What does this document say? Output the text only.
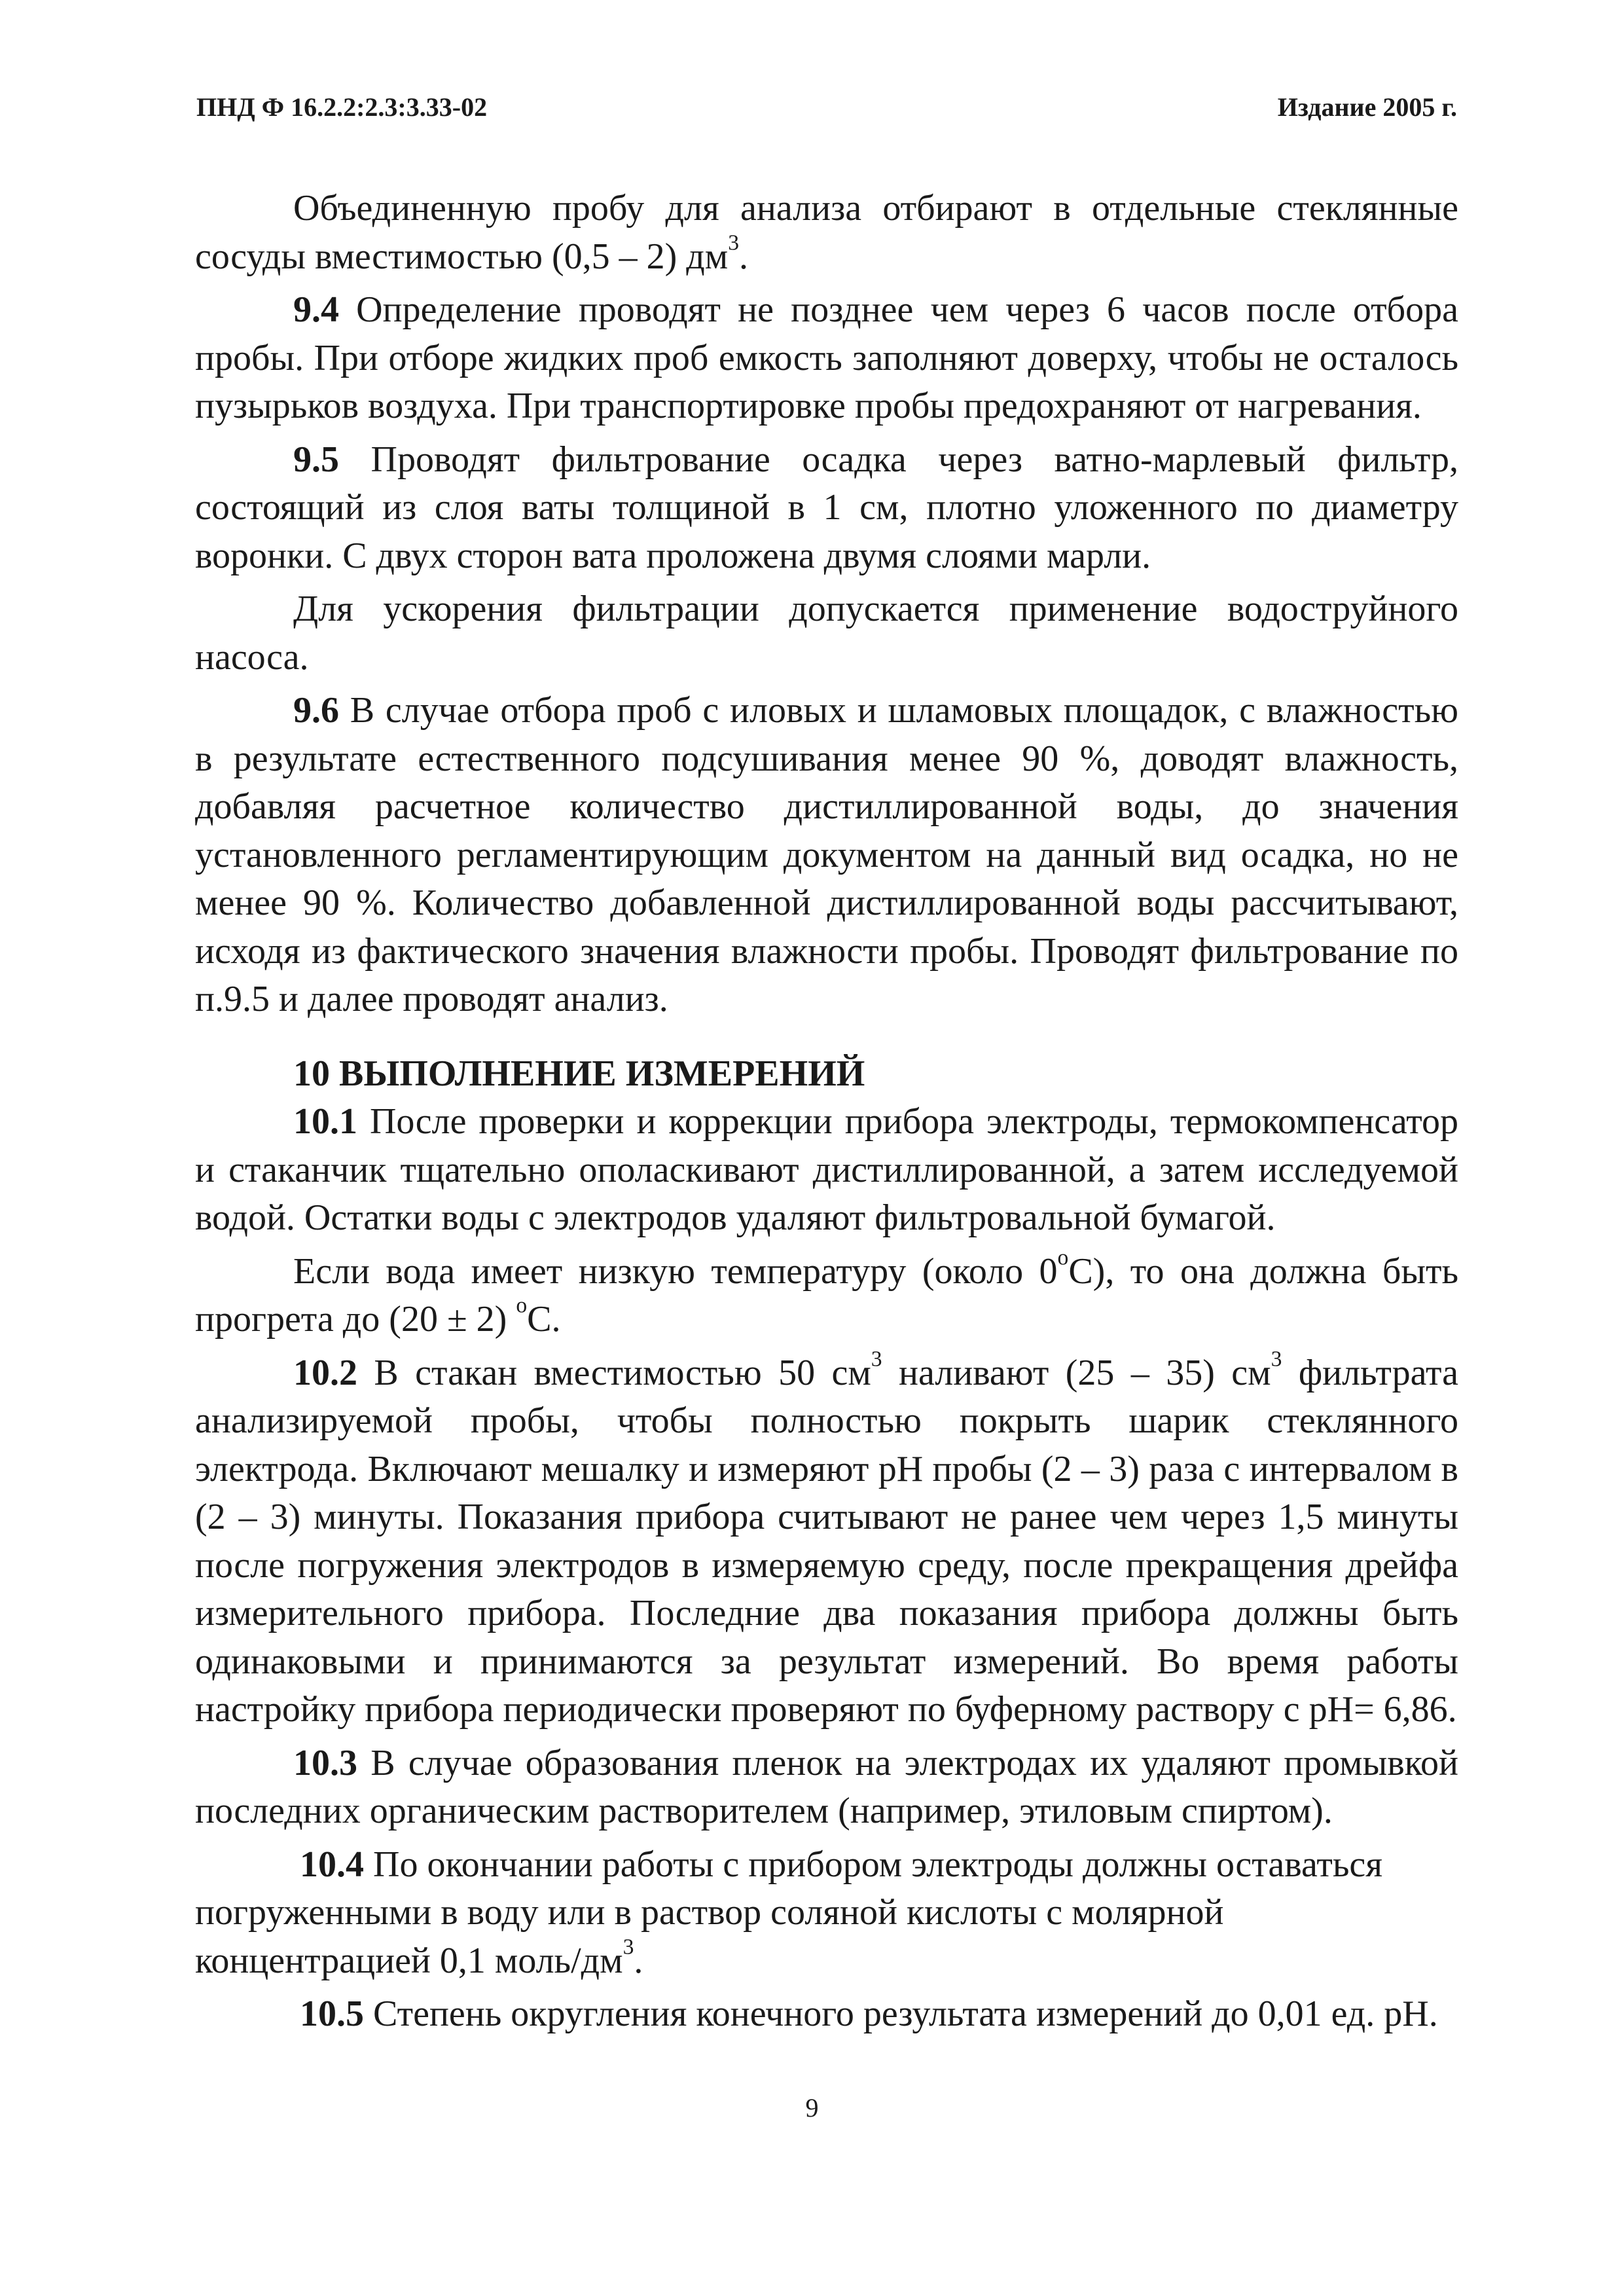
ПНД Ф 16.2.2:2.3:3.33-02	Издание 2005 г.

Объединенную пробу для анализа отбирают в отдельные стеклянные сосуды вместимостью (0,5 – 2) $дм^3$.

9.4 Определение проводят не позднее чем через 6 часов после отбора пробы. При отборе жидких проб емкость заполняют доверху, чтобы не осталось пузырьков воздуха. При транспортировке пробы предохраняют от нагревания.

9.5 Проводят фильтрование осадка через ватно-марлевый фильтр, состоящий из слоя ваты толщиной в 1 см, плотно уложенного по диаметру воронки. С двух сторон вата проложена двумя слоями марли.

Для ускорения фильтрации допускается применение водоструйного насоса.

9.6 В случае отбора проб с иловых и шламовых площадок, с влажностью в результате естественного подсушивания менее 90 %, доводят влажность, добавляя расчетное количество дистиллированной воды, до значения установленного регламентирующим документом на данный вид осадка, но не менее 90 %. Количество добавленной дистиллированной воды рассчитывают, исходя из фактического значения влажности пробы. Проводят фильтрование по п.9.5 и далее проводят анализ.

10 ВЫПОЛНЕНИЕ ИЗМЕРЕНИЙ

10.1 После проверки и коррекции прибора электроды, термокомпенсатор и стаканчик тщательно ополаскивают дистиллированной, а затем исследуемой водой. Остатки воды с электродов удаляют фильтровальной бумагой.

Если вода имеет низкую температуру (около 0$^o$С), то она должна быть прогрета до (20 ± 2) $^o$С.

10.2 В стакан вместимостью 50 $см^3$ наливают (25 – 35) $см^3$ фильтрата анализируемой пробы, чтобы полностью покрыть шарик стеклянного электрода. Включают мешалку и измеряют рН пробы (2 – 3) раза с интервалом в (2 – 3) минуты. Показания прибора считывают не ранее чем через 1,5 минуты после погружения электродов в измеряемую среду, после прекращения дрейфа измерительного прибора. Последние два показания прибора должны быть одинаковыми и принимаются за результат измерений. Во время работы настройку прибора периодически проверяют по буферному раствору с рН= 6,86.

10.3 В случае образования пленок на электродах их удаляют промывкой последних органическим растворителем (например, этиловым спиртом).

10.4 По окончании работы с прибором электроды должны оставаться погруженными в воду или в раствор соляной кислоты с молярной концентрацией 0,1 моль/$дм^3$.

10.5 Степень округления конечного результата измерений до 0,01 ед. рН.

9
